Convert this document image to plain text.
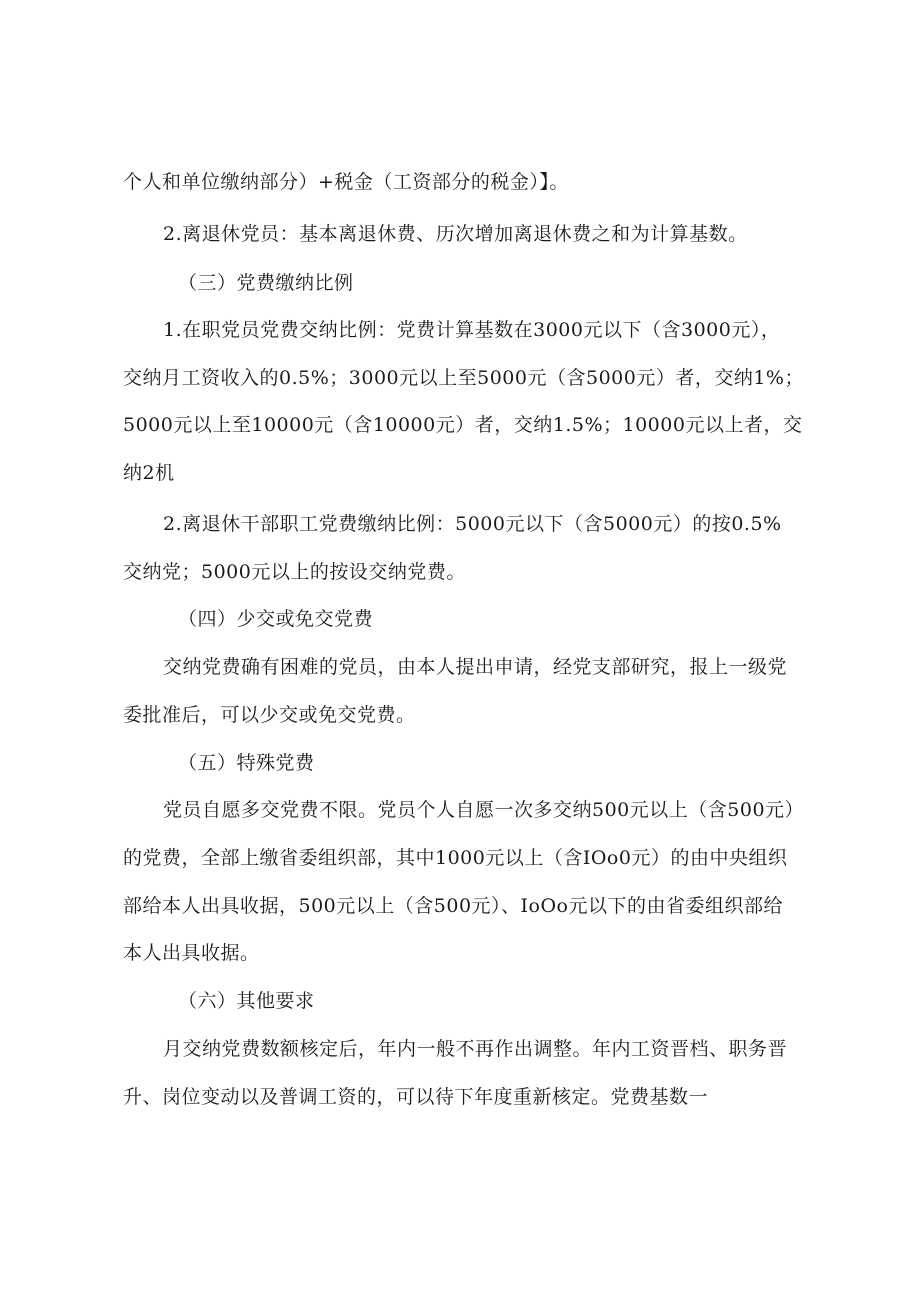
个人和单位缴纳部分）+税金（工资部分的税金）】。
2.离退休党员：基本离退休费、历次增加离退休费之和为计算基数。
（三）党费缴纳比例
1.在职党员党费交纳比例：党费计算基数在3000元以下（含3000元），
交纳月工资收入的0.5%；3000元以上至5000元（含5000元）者，交纳1%；
5000元以上至10000元（含10000元）者，交纳1.5%；10000元以上者，交
纳2机
2.离退休干部职工党费缴纳比例：5000元以下（含5000元）的按0.5%
交纳党；5000元以上的按设交纳党费。
（四）少交或免交党费
交纳党费确有困难的党员，由本人提出申请，经党支部研究，报上一级党
委批准后，可以少交或免交党费。
（五）特殊党费
党员自愿多交党费不限。党员个人自愿一次多交纳500元以上（含500元）
的党费，全部上缴省委组织部，其中1000元以上（含IOo0元）的由中央组织
部给本人出具收据，500元以上（含500元）、IoOo元以下的由省委组织部给
本人出具收据。
（六）其他要求
月交纳党费数额核定后，年内一般不再作出调整。年内工资晋档、职务晋
升、岗位变动以及普调工资的，可以待下年度重新核定。党费基数一
